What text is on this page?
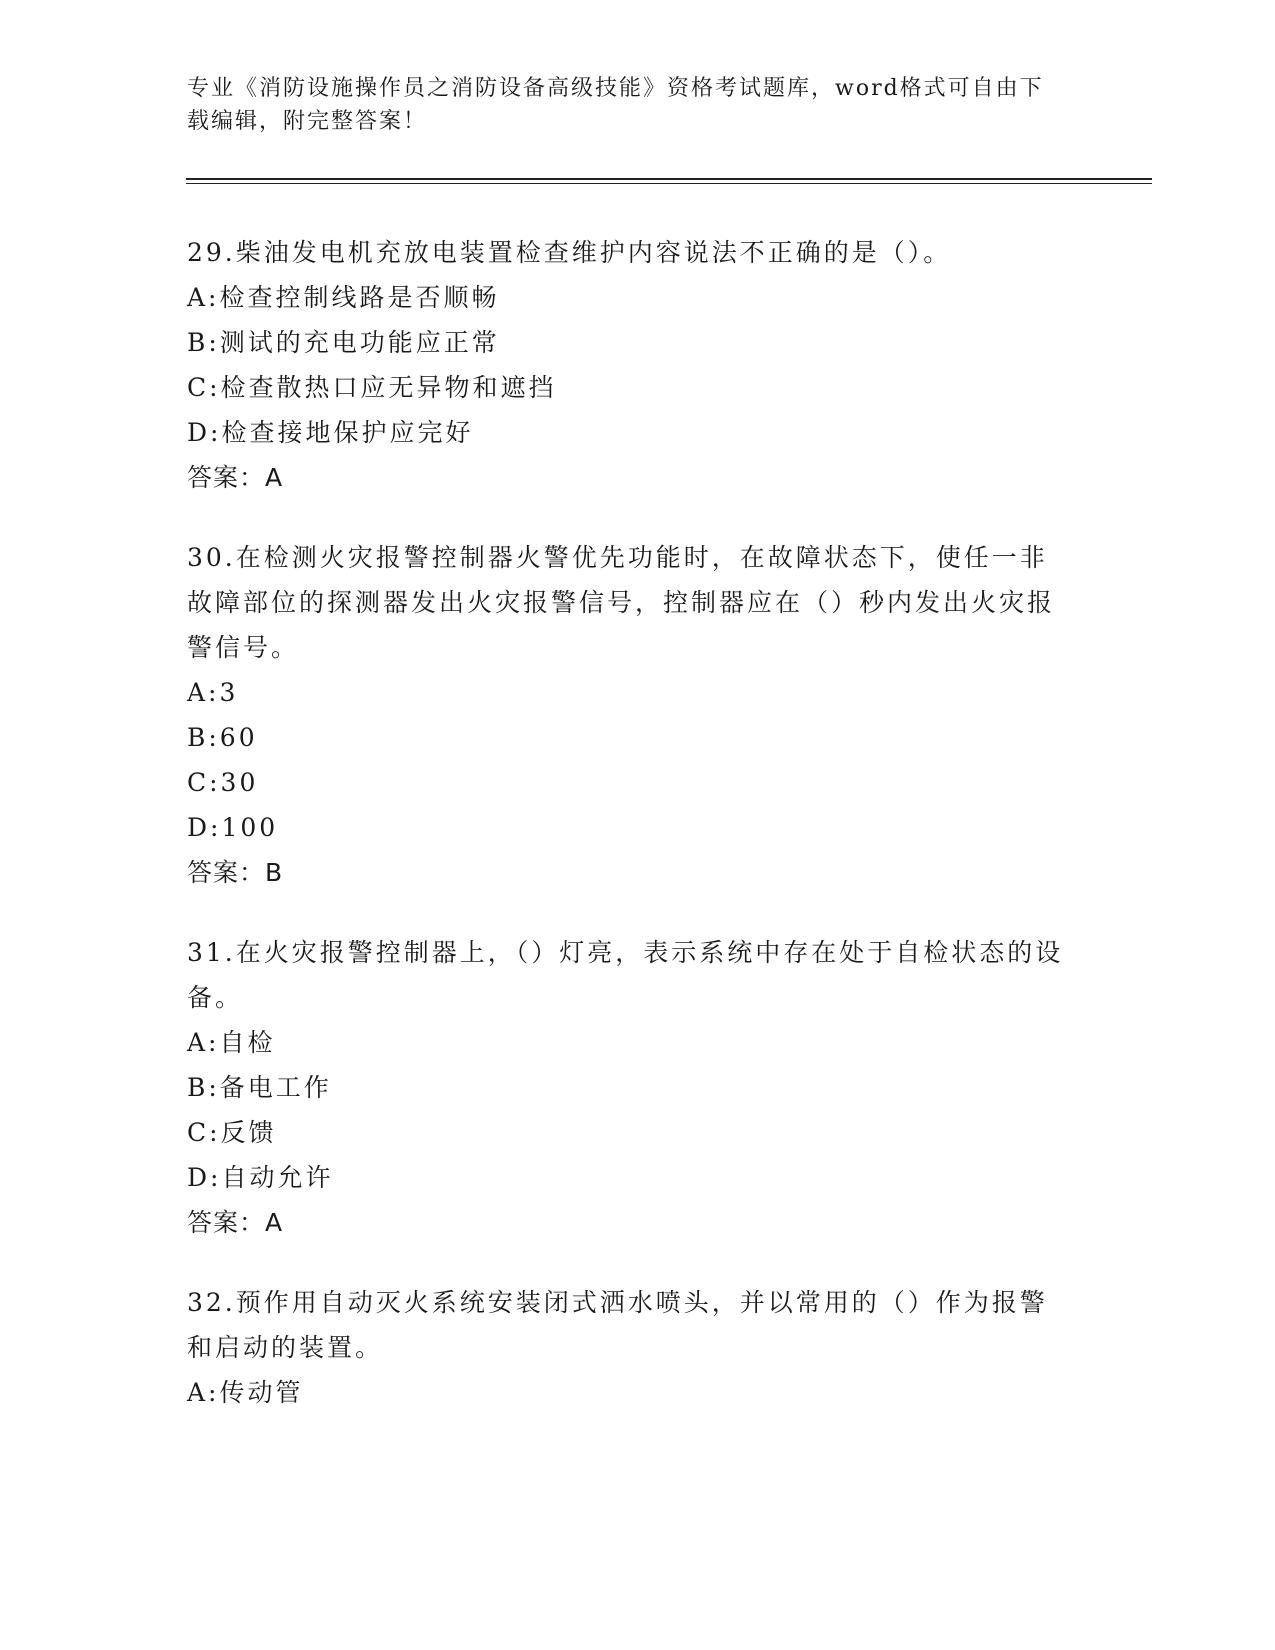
专业《消防设施操作员之消防设备高级技能》资格考试题库，word格式可自由下载编辑，附完整答案！

29.柴油发电机充放电装置检查维护内容说法不正确的是（）。

A:检查控制线路是否顺畅

B:测试的充电功能应正常

C:检查散热口应无异物和遮挡

D:检查接地保护应完好

答案：A

30.在检测火灾报警控制器火警优先功能时，在故障状态下，使任一非故障部位的探测器发出火灾报警信号，控制器应在（）秒内发出火灾报警信号。

A:3

B:60

C:30

D:100

答案：B

31.在火灾报警控制器上，（）灯亮，表示系统中存在处于自检状态的设备。

A:自检

B:备电工作

C:反馈

D:自动允许

答案：A

32.预作用自动灭火系统安装闭式洒水喷头，并以常用的（）作为报警和启动的装置。

A:传动管
